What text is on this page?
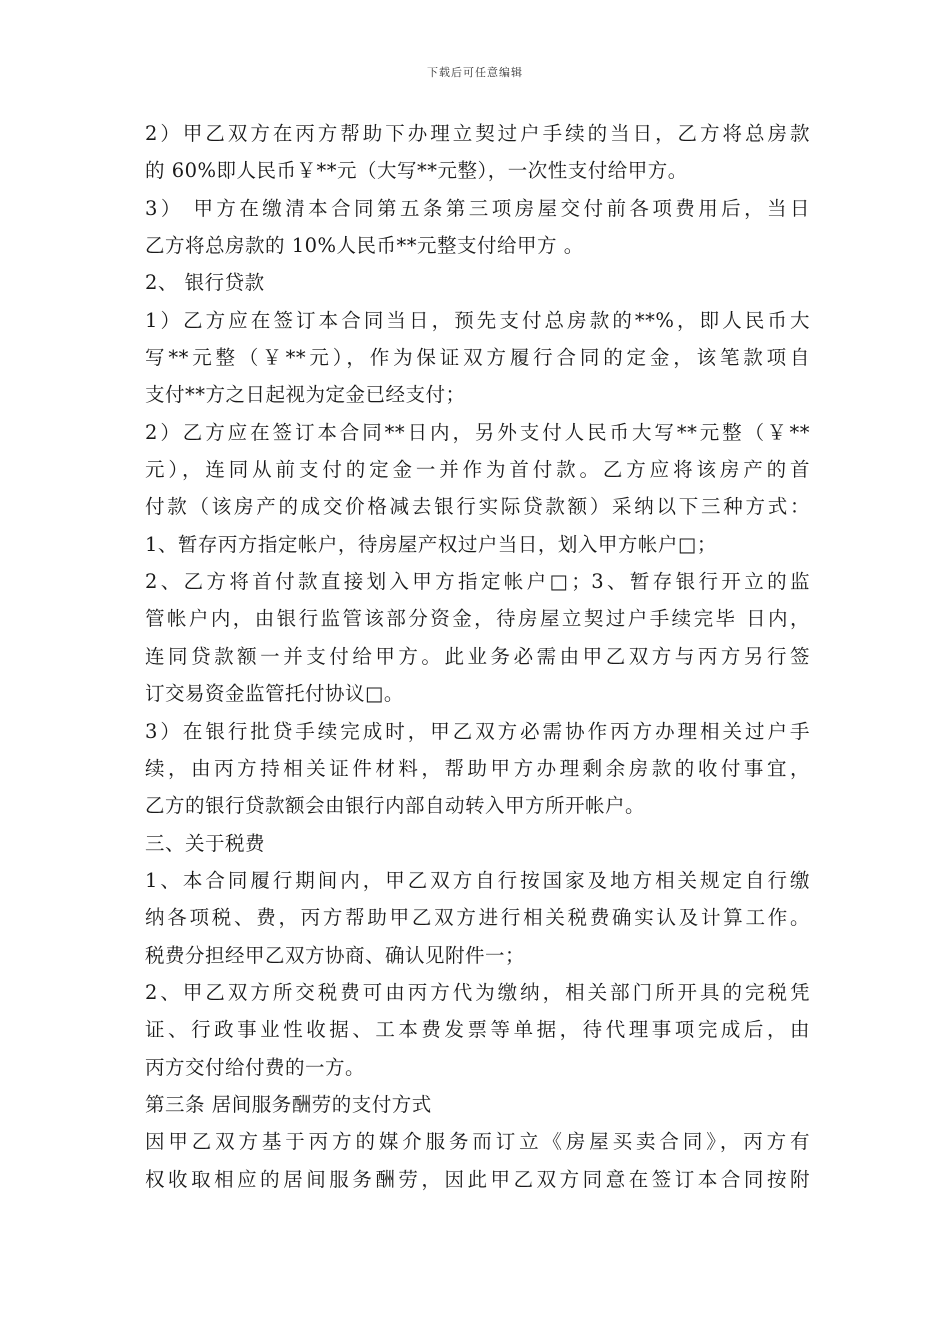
下载后可任意编辑
2）甲乙双方在丙方帮助下办理立契过户手续的当日，乙方将总房款
的 60%即人民币￥**元（大写**元整），一次性支付给甲方。
3） 甲方在缴清本合同第五条第三项房屋交付前各项费用后，当日
乙方将总房款的 10%人民币**元整支付给甲方 。
2、 银行贷款
1）乙方应在签订本合同当日，预先支付总房款的**%，即人民币大
写**元整（￥**元），作为保证双方履行合同的定金，该笔款项自
支付**方之日起视为定金已经支付；
2）乙方应在签订本合同**日内，另外支付人民币大写**元整（￥**
元），连同从前支付的定金一并作为首付款。乙方应将该房产的首
付款（该房产的成交价格减去银行实际贷款额）采纳以下三种方式：
1、暂存丙方指定帐户，待房屋产权过户当日，划入甲方帐户□；
2、乙方将首付款直接划入甲方指定帐户□；3、暂存银行开立的监
管帐户内，由银行监管该部分资金，待房屋立契过户手续完毕 日内，
连同贷款额一并支付给甲方。此业务必需由甲乙双方与丙方另行签
订交易资金监管托付协议□。
3）在银行批贷手续完成时，甲乙双方必需协作丙方办理相关过户手
续，由丙方持相关证件材料，帮助甲方办理剩余房款的收付事宜，
乙方的银行贷款额会由银行内部自动转入甲方所开帐户。
三、关于税费
1、本合同履行期间内，甲乙双方自行按国家及地方相关规定自行缴
纳各项税、费，丙方帮助甲乙双方进行相关税费确实认及计算工作。
税费分担经甲乙双方协商、确认见附件一；
2、甲乙双方所交税费可由丙方代为缴纳，相关部门所开具的完税凭
证、行政事业性收据、工本费发票等单据，待代理事项完成后，由
丙方交付给付费的一方。
第三条 居间服务酬劳的支付方式
因甲乙双方基于丙方的媒介服务而订立《房屋买卖合同》，丙方有
权收取相应的居间服务酬劳，因此甲乙双方同意在签订本合同按附
